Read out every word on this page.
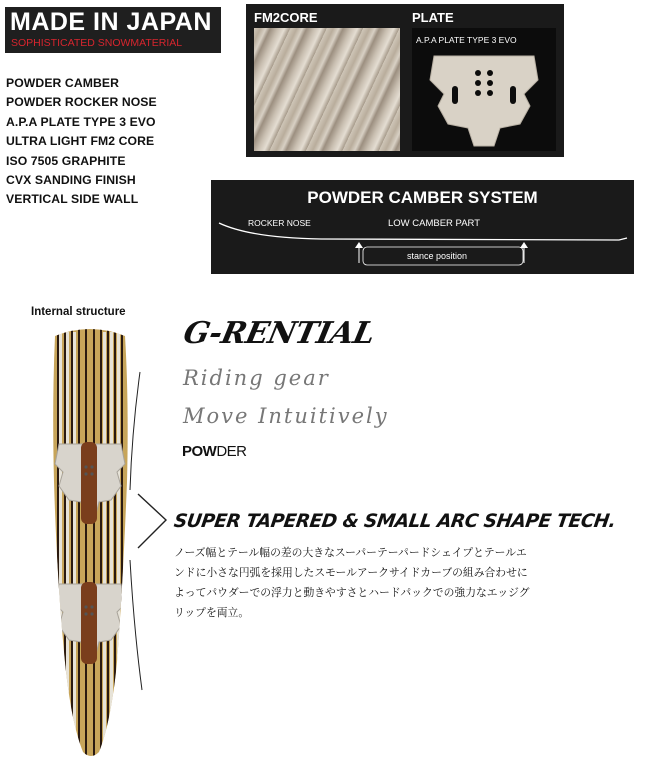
MADE IN JAPAN
SOPHISTICATED SNOWMATERIAL
POWDER CAMBER
POWDER ROCKER NOSE
A.P.A PLATE TYPE 3 EVO
ULTRA LIGHT FM2 CORE
ISO 7505 GRAPHITE
CVX SANDING FINISH
VERTICAL SIDE WALL
FM2CORE	PLATE
A.P.A PLATE TYPE 3 EVO
POWDER CAMBER SYSTEM
ROCKER NOSE	LOW CAMBER PART
stance position
Internal structure
G-RENTIAL
Riding gear
Move Intuitively
POWDER
SUPER TAPERED & SMALL ARC SHAPE TECH.
ノーズ幅とテール幅の差の大きなスーパーテーパードシェイプとテールエンドに小さな円弧を採用したスモールアークサイドカーブの組み合わせによってパウダーでの浮力と動きやすさとハードパックでの強力なエッジグリップを両立。
